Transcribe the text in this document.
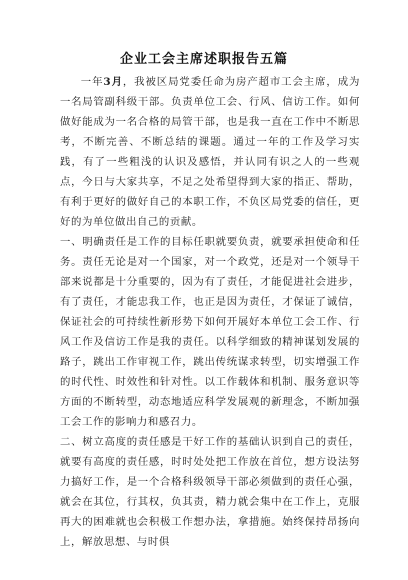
企业工会主席述职报告五篇

一年3月，我被区局党委任命为房产超市工会主席，成为一名局管副科级干部。负责单位工会、行风、信访工作。如何做好能成为一名合格的局管干部，也是我一直在工作中不断思考，不断完善、不断总结的课题。通过一年的工作及学习实践，有了一些粗浅的认识及感悟，并认同有识之人的一些观点，今日与大家共享，不足之处希望得到大家的指正、帮助，有利于更好的做好自己的本职工作，不负区局党委的信任，更好的为单位做出自己的贡献。

一、明确责任是工作的目标任职就要负责，就要承担使命和任务。责任无论是对一个国家，对一个政党，还是对一个领导干部来说都是十分重要的，因为有了责任，才能促进社会进步，有了责任，才能忠我工作，也正是因为责任，才保证了诚信，保证社会的可持续性新形势下如何开展好本单位工会工作、行风工作及信访工作是我的责任。以科学细致的精神谋划发展的路子，跳出工作审视工作，跳出传统谋求转型，切实增强工作的时代性、时效性和针对性。以工作载体和机制、服务意识等方面的不断转型，动态地适应科学发展观的新理念，不断加强工会工作的影响力和感召力。

二、树立高度的责任感是干好工作的基础认识到自己的责任，就要有高度的责任感，时时处处把工作放在首位，想方设法努力搞好工作，是一个合格科级领导干部必须做到的责任心强，就会在其位，行其权，负其责，精力就会集中在工作上，克服再大的困难就也会积极工作想办法，拿措施。始终保持昂扬向上，解放思想、与时俱
